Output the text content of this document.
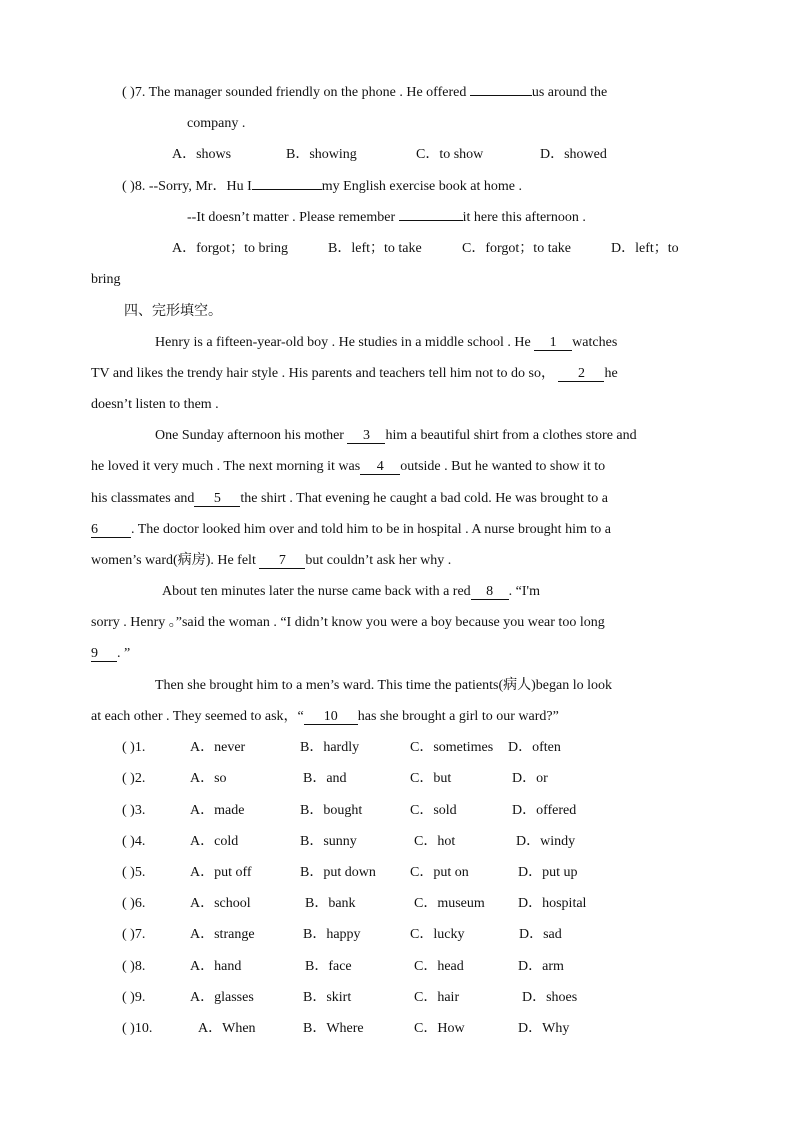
( )7. The manager sounded friendly on the phone . He offered	us around the
company .
A．shows	B．showing	C．to show	D．showed
( )8. --Sorry, Mr．Hu I	my English exercise book at home .
--It doesn’t matter . Please remember	it here this afternoon .
A．forgot；to bring	B．left；to take	C．forgot；to take	D．left；to
bring
四、完形填空。
Henry is a fifteen-year-old boy . He studies in a middle school . He 1 watches
TV and likes the trendy hair style . His parents and teachers tell him not to do so， 2 he
doesn’t listen to them .
One Sunday afternoon his mother 3 him a beautiful shirt from a clothes store and
he loved it very much . The next morning it was 4 outside . But he wanted to show it to
his classmates and 5 the shirt . That evening he caught a bad cold. He was brought to a
6 . The doctor looked him over and told him to be in hospital . A nurse brought him to a
women’s ward(病房). He felt 7 but couldn’t ask her why .
About ten minutes later the nurse came back with a red 8 . “I'm
sorry . Henry 。”said the woman . “I didn’t know you were a boy because you wear too long
9 . ”
Then she brought him to a men’s ward. This time the patients(病人)began lo look
at each other . They seemed to ask，“ 10 has she brought a girl to our ward?”
( )1.	A．never	B．hardly	C．sometimes D．often
( )2.	A．so	B．and	C．but	D．or
( )3.	A．made	B．bought	C．sold	D．offered
( )4.	A．cold	B．sunny	C．hot	D．windy
( )5.	A．put off	B．put down C．put on	D．put up
( )6.	A．school	B．bank	C．museum D．hospital
( )7.	A．strange	B．happy	C．lucky	D．sad
( )8.	A．hand	B．face	C．head	D．arm
( )9.	A．glasses	B．skirt	C．hair	D．shoes
( )10.	A．When	B．Where	C．How	D．Why
